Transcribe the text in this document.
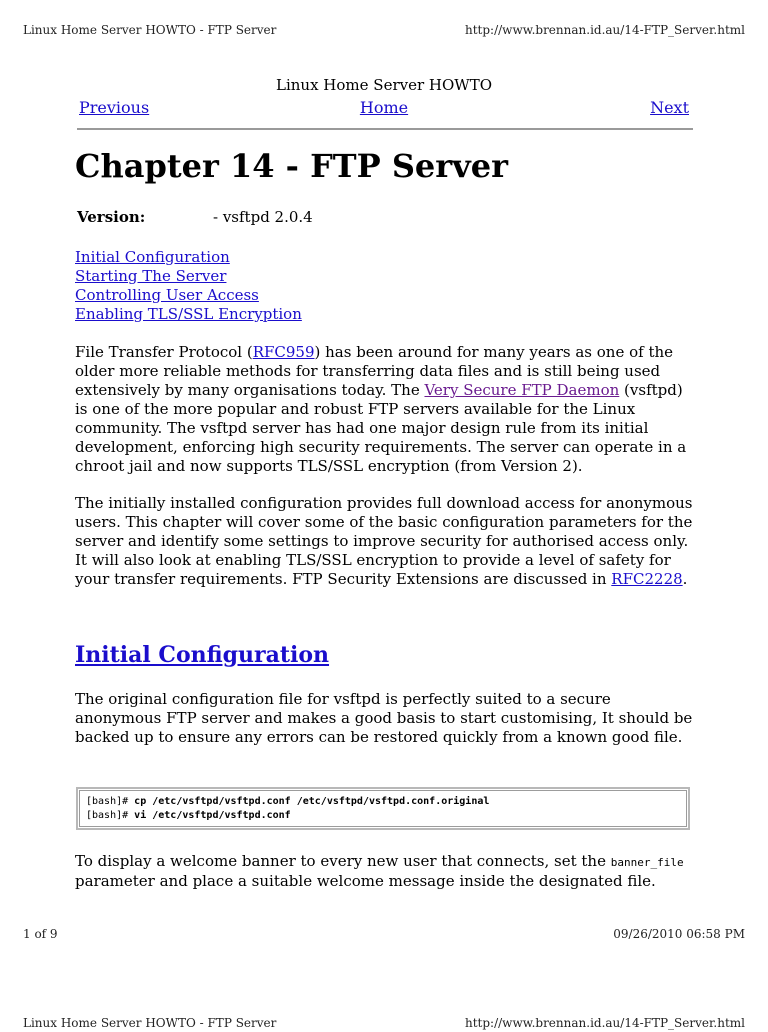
Linux Home Server HOWTO - FTP Server	http://www.brennan.id.au/14-FTP_Server.html
Linux Home Server HOWTO
Previous	Home	Next
Chapter 14 - FTP Server
Version:	- vsftpd 2.0.4
Initial Configuration
Starting The Server
Controlling User Access
Enabling TLS/SSL Encryption

File Transfer Protocol (RFC959) has been around for many years as one of the older more reliable methods for transferring data files and is still being used extensively by many organisations today. The Very Secure FTP Daemon (vsftpd) is one of the more popular and robust FTP servers available for the Linux community. The vsftpd server has had one major design rule from its initial development, enforcing high security requirements. The server can operate in a chroot jail and now supports TLS/SSL encryption (from Version 2).

The initially installed configuration provides full download access for anonymous users. This chapter will cover some of the basic configuration parameters for the server and identify some settings to improve security for authorised access only. It will also look at enabling TLS/SSL encryption to provide a level of safety for your transfer requirements. FTP Security Extensions are discussed in RFC2228.

Initial Configuration

The original configuration file for vsftpd is perfectly suited to a secure anonymous FTP server and makes a good basis to start customising, It should be backed up to ensure any errors can be restored quickly from a known good file.

[bash]# cp /etc/vsftpd/vsftpd.conf /etc/vsftpd/vsftpd.conf.original
[bash]# vi /etc/vsftpd/vsftpd.conf

To display a welcome banner to every new user that connects, set the banner_file parameter and place a suitable welcome message inside the designated file.

1 of 9	09/26/2010 06:58 PM
Linux Home Server HOWTO - FTP Server	http://www.brennan.id.au/14-FTP_Server.html
